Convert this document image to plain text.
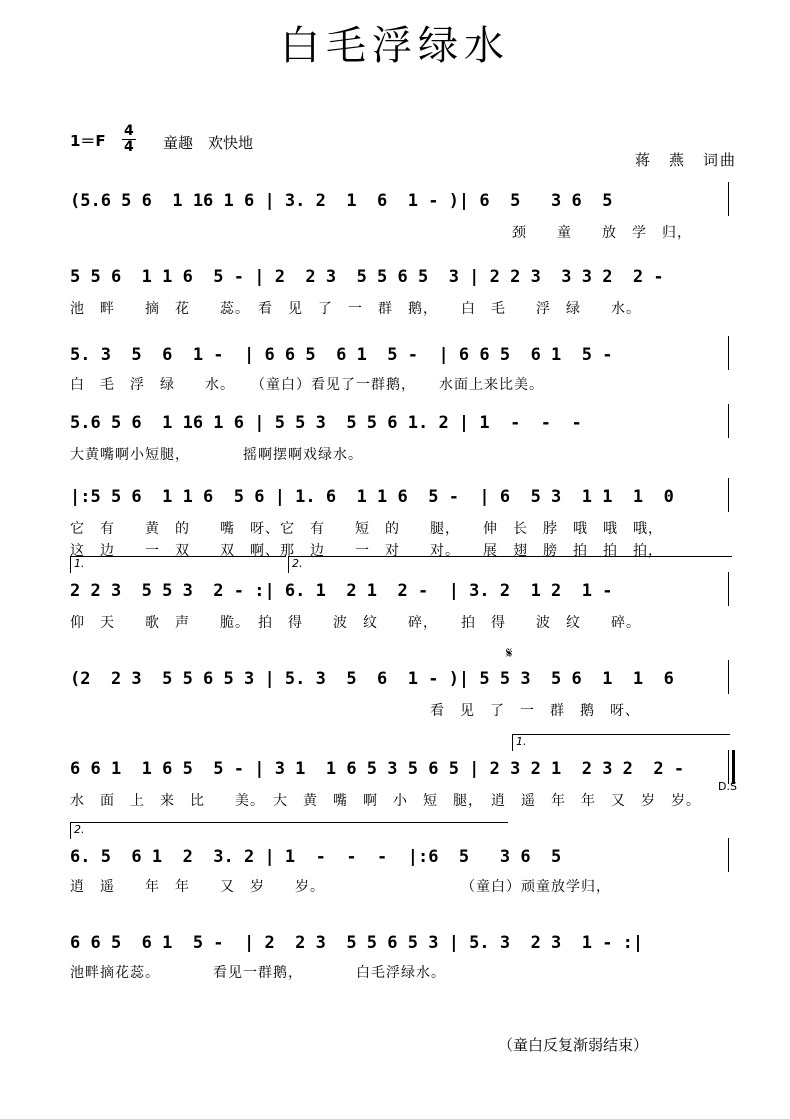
白毛浮绿水
1＝F
4
4 童趣　欢快地
蒋　燕　词曲
(5.6 5 6  1 16 1 6 | 3. 2  1  6  1 - )| 6  5   3 6  5
颈　　童　　放　学　归，
5 5 6  1 1 6  5 - | 2  2 3  5 5 6 5  3 | 2 2 3  3 3 2  2 -
池　畔　　摘　花　　蕊。　看　见　了　一　群　鹅，　　白　毛　　浮　绿　　水。
5. 3  5  6  1 -  | 6 6 5  6 1  5 -  | 6 6 5  6 1  5 -
白　毛　浮　绿　　水。　　（童白）看见了一群鹅，　　水面上来比美。
5.6 5 6  1 16 1 6 | 5 5 3  5 5 6 1. 2 | 1  -  -  -
大黄嘴啊小短腿，　　　　摇啊摆啊戏绿水。
|:5 5 6  1 1 6  5 6 | 1. 6  1 1 6  5 -  | 6  5 3  1 1  1  0
它　有　　黄　的　　嘴　呀、它　有　　短　的　　腿，　　伸　长　脖　哦　哦　哦，
这　边　　一　双　　双　啊、那　边　　一　对　　对。　　展　翅　膀　拍　拍　拍，
1.	2.
2 2 3  5 5 3  2 - :| 6. 1  2 1  2 -  | 3. 2  1 2  1 -
仰　天　　歌　声　　脆。　拍　得　　波　纹　　碎，　　拍　得　　波　纹　　碎。
𝄋
(2  2 3  5 5 6 5 3 | 5. 3  5  6  1 - )| 5 5 3  5 6  1  1  6
　　　　　　　　　　　　　　　　　　　　　　　　看　见　了　一　群　鹅　呀、
1.
6 6 1  1 6 5  5 - | 3 1  1 6 5 3 5 6 5 | 2 3 2 1  2 3 2  2 -
D.S
水　面　上　来　比　　美。　大　黄　嘴　啊　小　短　腿，　逍　遥　年　年　又　岁　岁。
2.
6. 5  6 1  2  3. 2 | 1  -  -  -  |:6  5   3 6  5
逍　遥　　年　年　　又　岁　　岁。　　　　　　　　　　（童白）顽童放学归，
6 6 5  6 1  5 -  | 2  2 3  5 5 6 5 3 | 5. 3  2 3  1 - :|
池畔摘花蕊。　　　　看见一群鹅，　　　　白毛浮绿水。
（童白反复渐弱结束）
